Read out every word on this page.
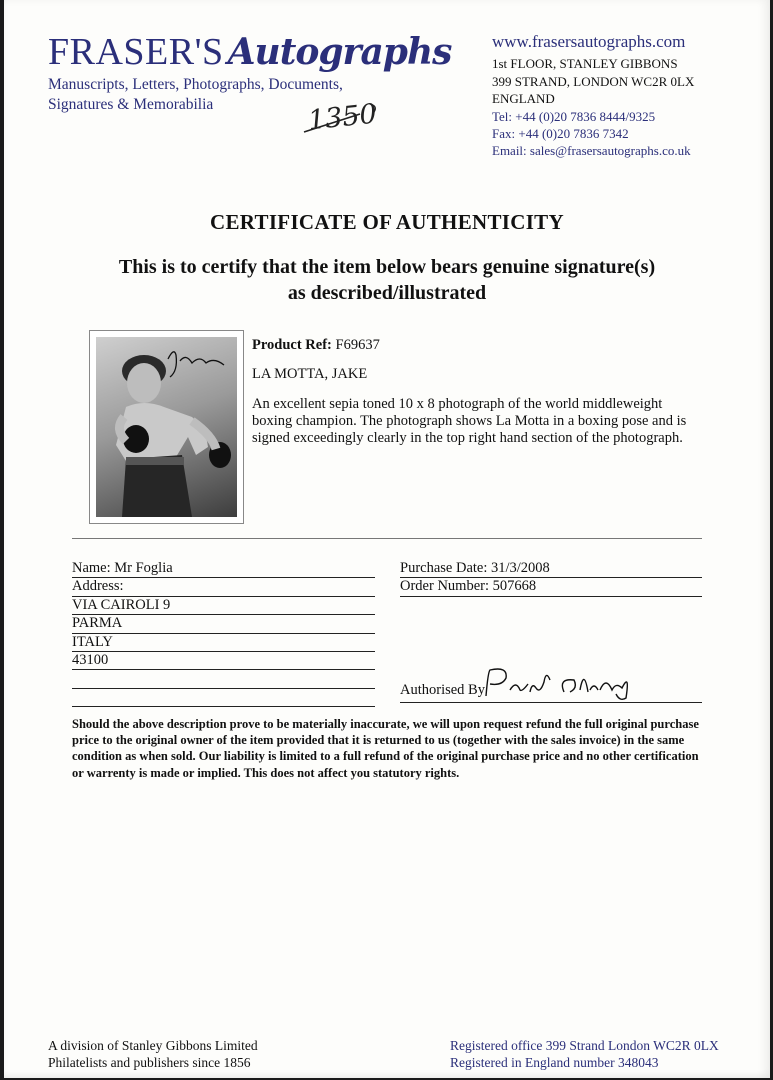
FRASER'S Autographs
Manuscripts, Letters, Photographs, Documents,
Signatures & Memorabilia	1350
www.frasersautographs.com
1st FLOOR, STANLEY GIBBONS
399 STRAND, LONDON WC2R 0LX
ENGLAND
Tel: +44 (0)20 7836 8444/9325
Fax: +44 (0)20 7836 7342
Email: sales@frasersautographs.co.uk
CERTIFICATE OF AUTHENTICITY
This is to certify that the item below bears genuine signature(s)
as described/illustrated
Product Ref: F69637
LA MOTTA, JAKE
An excellent sepia toned 10 x 8 photograph of the world middleweight boxing champion. The photograph shows La Motta in a boxing pose and is signed exceedingly clearly in the top right hand section of the photograph.
Name: Mr Foglia
Address:
VIA CAIROLI 9
PARMA
ITALY
43100
Purchase Date: 31/3/2008
Order Number: 507668
Authorised By
Should the above description prove to be materially inaccurate, we will upon request refund the full original purchase price to the original owner of the item provided that it is returned to us (together with the sales invoice) in the same condition as when sold. Our liability is limited to a full refund of the original purchase price and no other certification or warrenty is made or implied. This does not affect you statutory rights.
A division of Stanley Gibbons Limited
Philatelists and publishers since 1856
Registered office 399 Strand London WC2R 0LX
Registered in England number 348043
